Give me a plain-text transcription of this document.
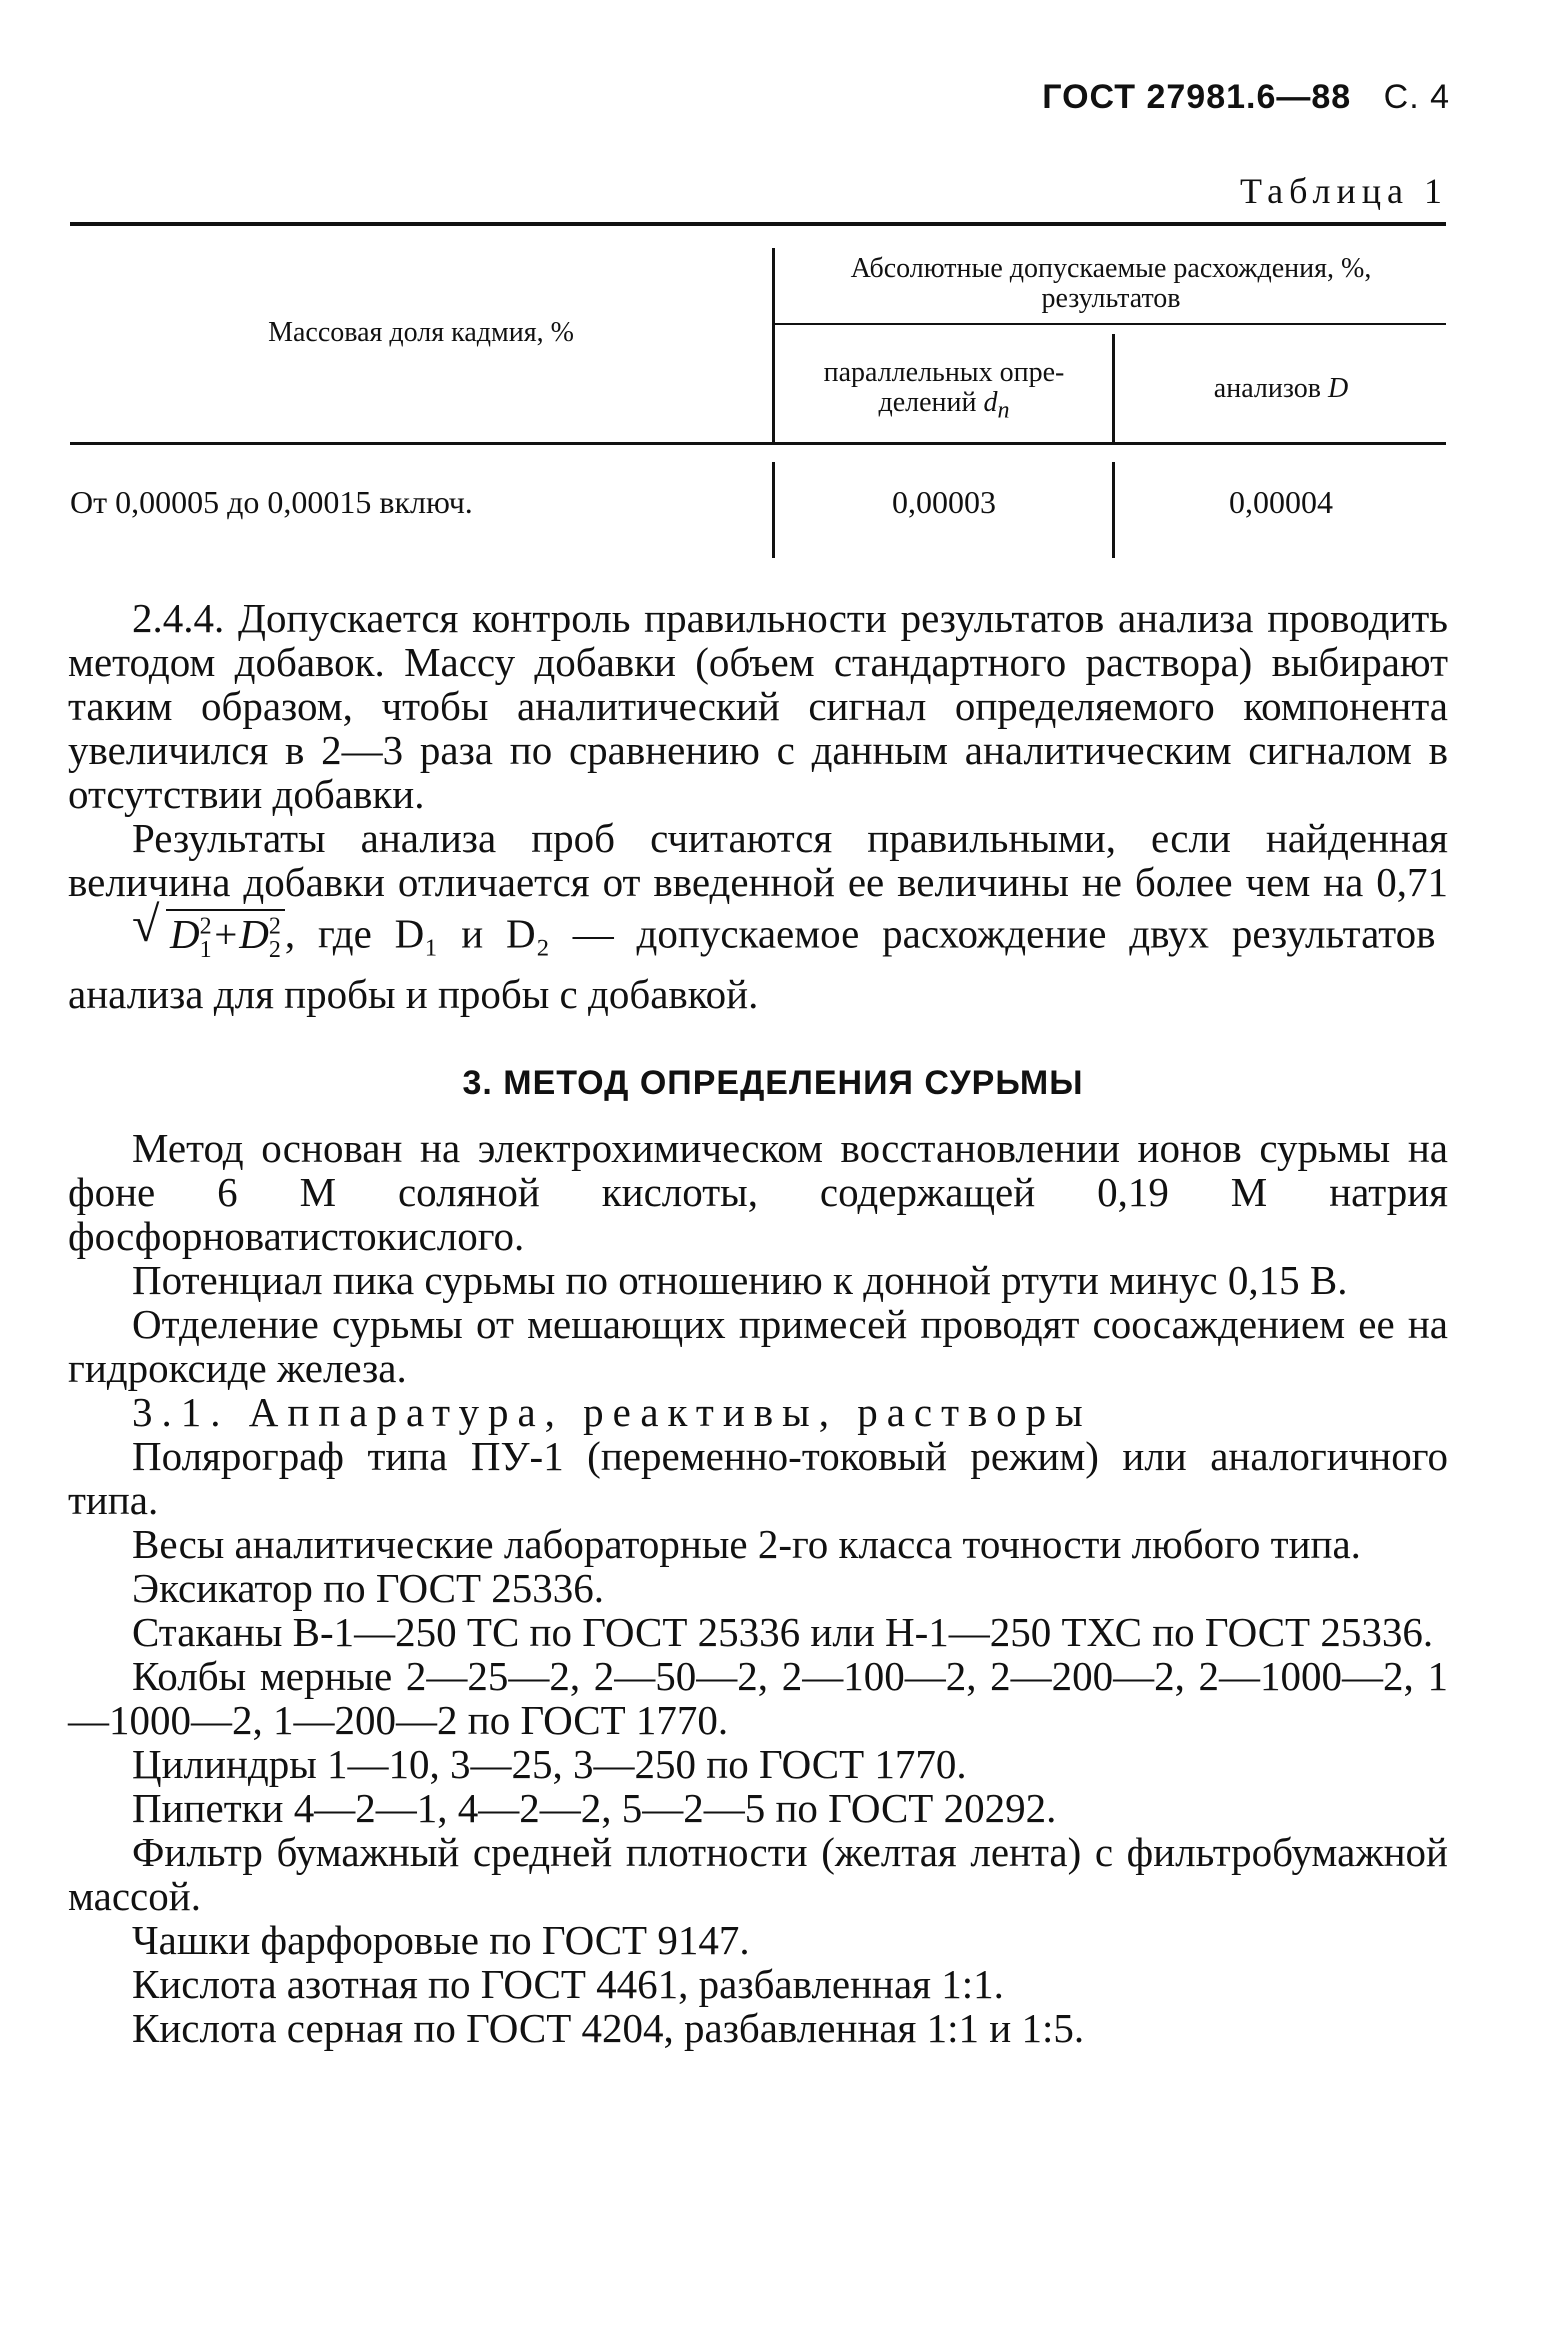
ГОСТ 27981.6—88 С. 4
Таблица 1
Массовая доля кадмия, %
Абсолютные допускаемые расхождения, %,
результатов
параллельных опре-
делений $d_n$
анализов D
От 0,00005 до 0,00015 включ.	0,00003	0,00004

2.4.4. Допускается контроль правильности результатов анализа проводить методом добавок. Массу добавки (объем стандартного раствора) выбирают таким образом, чтобы аналитический сигнал определяемого компонента увеличился в 2—3 раза по сравнению с данным аналитическим сигналом в отсутствии добавки.

Результаты анализа проб считаются правильными, если найденная величина добавки отличается от введенной ее величины не более чем на 0,71
√ $D^2_1+D^2_2$, где D₁ и D₂ — допускаемое расхождение двух результатов анализа для пробы и пробы с добавкой.

3. МЕТОД ОПРЕДЕЛЕНИЯ СУРЬМЫ

Метод основан на электрохимическом восстановлении ионов сурьмы на фоне 6 М соляной кислоты, содержащей 0,19 М натрия фосфорноватистокислого.

Потенциал пика сурьмы по отношению к донной ртути минус 0,15 В.

Отделение сурьмы от мешающих примесей проводят соосаждением ее на гидроксиде железа.

3.1. Аппаратура, реактивы, растворы

Полярограф типа ПУ-1 (переменно-токовый режим) или аналогичного типа.

Весы аналитические лабораторные 2-го класса точности любого типа.

Эксикатор по ГОСТ 25336.

Стаканы В-1—250 ТС по ГОСТ 25336 или Н-1—250 ТХС по ГОСТ 25336.

Колбы мерные 2—25—2, 2—50—2, 2—100—2, 2—200—2, 2—1000—2, 1—1000—2, 1—200—2 по ГОСТ 1770.

Цилиндры 1—10, 3—25, 3—250 по ГОСТ 1770.

Пипетки 4—2—1, 4—2—2, 5—2—5 по ГОСТ 20292.

Фильтр бумажный средней плотности (желтая лента) с фильтробумажной массой.

Чашки фарфоровые по ГОСТ 9147.

Кислота азотная по ГОСТ 4461, разбавленная 1:1.

Кислота серная по ГОСТ 4204, разбавленная 1:1 и 1:5.
